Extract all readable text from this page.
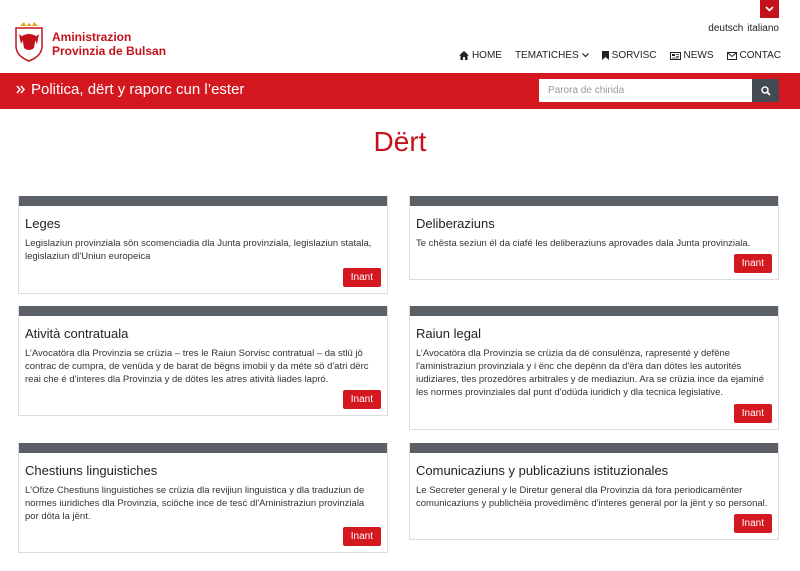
Aministrazion
Provinzia de Bulsan
deutsch italiano
HOME TEMATICHES	SORVISC	NEWS	CONTAC
Politica, dërt y raporc cun l’ester
Parora de chirida
Dërt
Leges
Legislaziun provinziala sön scomenciadia dla Junta provinziala, legislaziun statala, legislaziun dl'Uniun europeica
Inant
Deliberaziuns
Te chësta seziun él da ciafé les deliberaziuns aprovades dala Junta provinziala.
Inant
Atività contratuala
L’Avocatöra dla Provinzia se crüzia – tres le Raiun Sorvisc contratual – da stlü jö contrac de cumpra, de venüda y de barat de bëgns imobii y da méte sö d'atri dërc reai che é d'interes dla Provinzia y de dötes les atres atività liades lapró.
Inant
Raiun legal
L’Avocatöra dla Provinzia se crüzia da dé consulënza, rapresenté y defëne l'aministraziun provinziala y i ënc che depënn da d'ëra dan dötes les autorités iudiziares, tles prozedöres arbitrales y de mediaziun. Ara se crüzia ince da ejaminé les normes provinziales dal punt d'odüda iuridich y dla tecnica legislative.
Inant
Chestiuns linguistiches
L'Ofize Chestiuns linguistiches se crüzia dla revijiun linguistica y dla traduziun de normes iuridiches dla Provinzia, sciöche ince de tesć dl'Aministraziun provinziala por döta la jënt.
Inant
Comunicaziuns y publicaziuns istituzionales
Le Secreter general y le Diretur general dla Provinzia dá fora periodicamënter comunicaziuns y publichëia provedimënc d'interes general por la jënt y so personal.
Inant
